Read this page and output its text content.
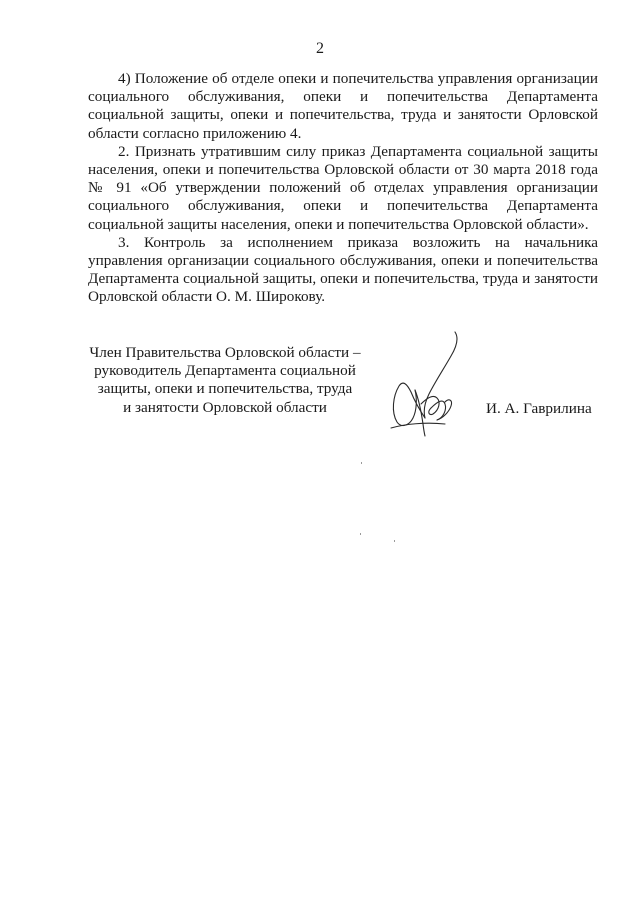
2

4) Положение об отделе опеки и попечительства управления организации социального обслуживания, опеки и попечительства Департамента социальной защиты, опеки и попечительства, труда и занятости Орловской области согласно приложению 4.

2. Признать утратившим силу приказ Департамента социальной защиты населения, опеки и попечительства Орловской области от 30 марта 2018 года № 91 «Об утверждении положений об отделах управления организации социального обслуживания, опеки и попечительства Департамента социальной защиты населения, опеки и попечительства Орловской области».

3. Контроль за исполнением приказа возложить на начальника управления организации социального обслуживания, опеки и попечительства Департамента социальной защиты, опеки и попечительства, труда и занятости Орловской области О. М. Широкову.

Член Правительства Орловской области –
руководитель Департамента социальной
защиты, опеки и попечительства, труда
и занятости Орловской области	И. А. Гаврилина
